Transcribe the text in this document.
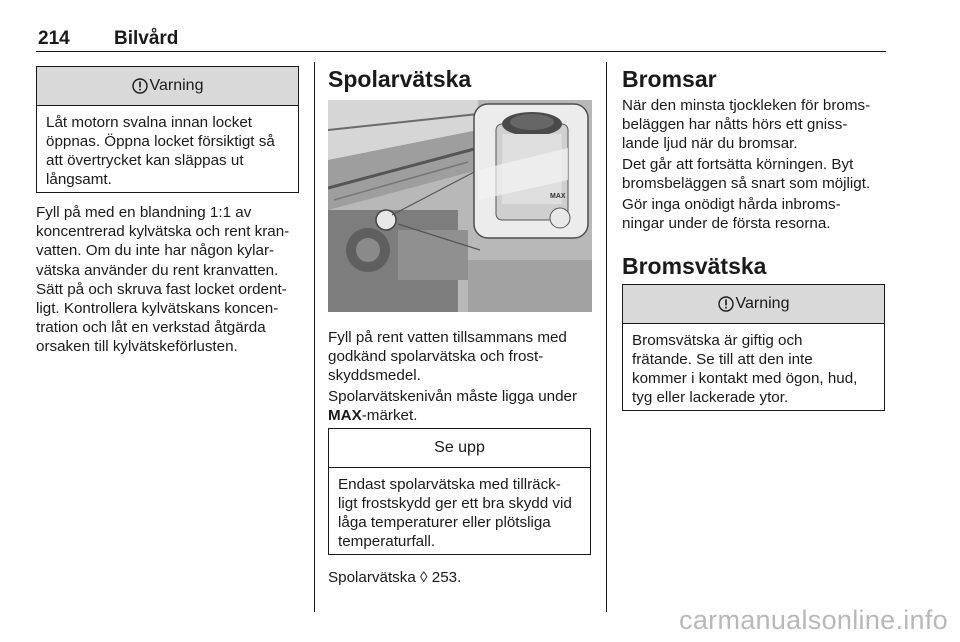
214 Bilvård
Varning
Låt motorn svalna innan locket
öppnas. Öppna locket försiktigt så
att övertrycket kan släppas ut
långsamt.
Fyll på med en blandning 1:1 av
koncentrerad kylvätska och rent kran-
vatten. Om du inte har någon kylar-
vätska använder du rent kranvatten.
Sätt på och skruva fast locket ordent-
ligt. Kontrollera kylvätskans koncen-
tration och låt en verkstad åtgärda
orsaken till kylvätskeförlusten.
Spolarvätska
MAX
Fyll på rent vatten tillsammans med
godkänd spolarvätska och frost-
skyddsmedel.
Spolarvätskenivån måste ligga under
MAX-märket.
Se upp
Endast spolarvätska med tillräck-
ligt frostskydd ger ett bra skydd vid
låga temperaturer eller plötsliga
temperaturfall.
Spolarvätska ◊ 253.
Bromsar
När den minsta tjockleken för broms-
beläggen har nåtts hörs ett gniss-
lande ljud när du bromsar.
Det går att fortsätta körningen. Byt
bromsbeläggen så snart som möjligt.
Gör inga onödigt hårda inbroms-
ningar under de första resorna.
Bromsvätska
Varning
Bromsvätska är giftig och
frätande. Se till att den inte
kommer i kontakt med ögon, hud,
tyg eller lackerade ytor.
carmanualsonline.info
